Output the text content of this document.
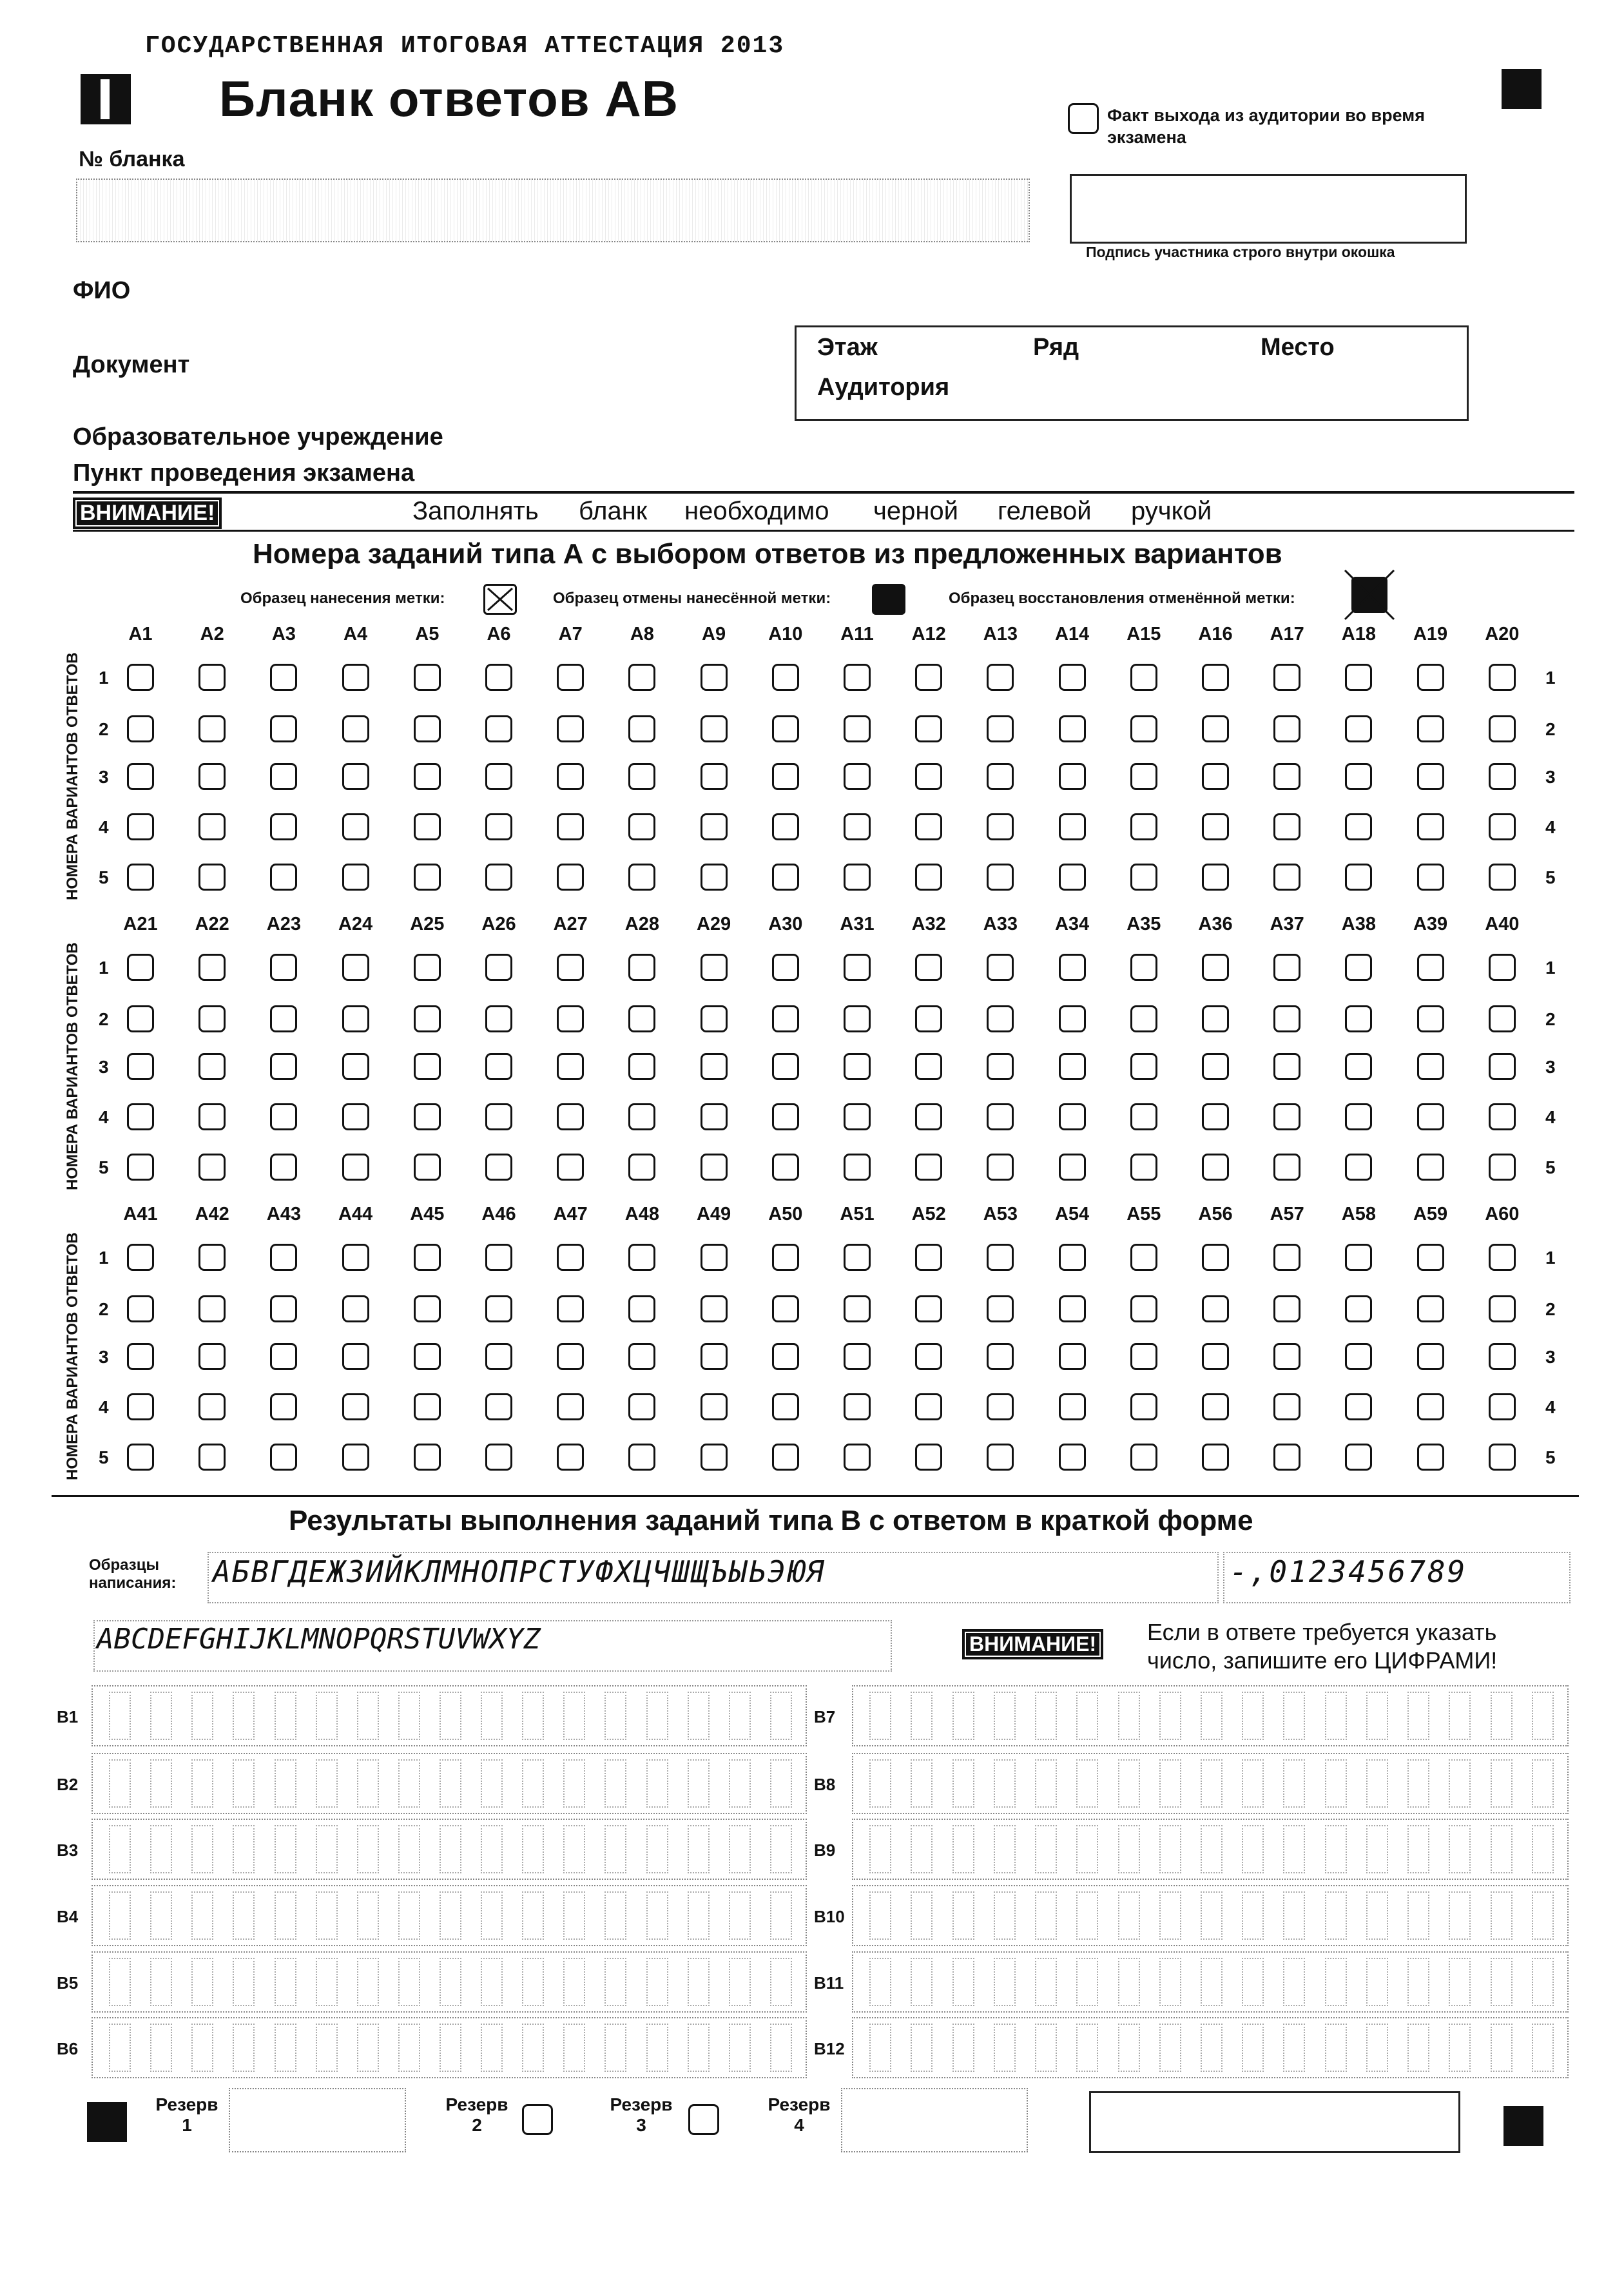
ГОСУДАРСТВЕННАЯ ИТОГОВАЯ АТТЕСТАЦИЯ 2013
Бланк ответов АВ	Факт выхода из аудитории во время экзамена
№ бланка
Подпись участника строго внутри окошка
ФИО
Документ
Этаж	Ряд	Место
Аудитория
Образовательное учреждение
Пункт проведения экзамена
ВНИМАНИЕ!	Заполнять бланк необходимо черной гелевой ручкой
Номера заданий типа А с выбором ответов из предложенных вариантов
Образец нанесения метки:	Образец отмены нанесённой метки:	Образец восстановления отменённой метки:
НОМЕРА ВАРИАНТОВ ОТВЕТОВ
A1	A2	A3	A4	A5	A6	A7	A8	A9	A10	A11	A12	A13	A14	A15	A16	A17	A18	A19	A20
1	1
2	2
3	3
4	4
5	5
НОМЕРА ВАРИАНТОВ ОТВЕТОВ
A21	A22	A23	A24	A25	A26	A27	A28	A29	A30	A31	A32	A33	A34	A35	A36	A37	A38	A39	A40
1	1
2	2
3	3
4	4
5	5
НОМЕРА ВАРИАНТОВ ОТВЕТОВ
A41	A42	A43	A44	A45	A46	A47	A48	A49	A50	A51	A52	A53	A54	A55	A56	A57	A58	A59	A60
1	1
2	2
3	3
4	4
5	5
Результаты выполнения заданий типа В с ответом в краткой форме
Образцы написания:	АБВГДЕЖЗИЙКЛМНОПРСТУФХЦЧШЩЪЫЬЭЮЯ	-,0123456789
ABCDEFGHIJKLMNOPQRSTUVWXYZ	ВНИМАНИЕ!	Если в ответе требуется указать
число, запишите его ЦИФРАМИ!
B1
B2
B3
B4
B5
B6
B7
B8
B9
B10
B11
B12
Резерв
1
Резерв
2
Резерв
3
Резерв
4
